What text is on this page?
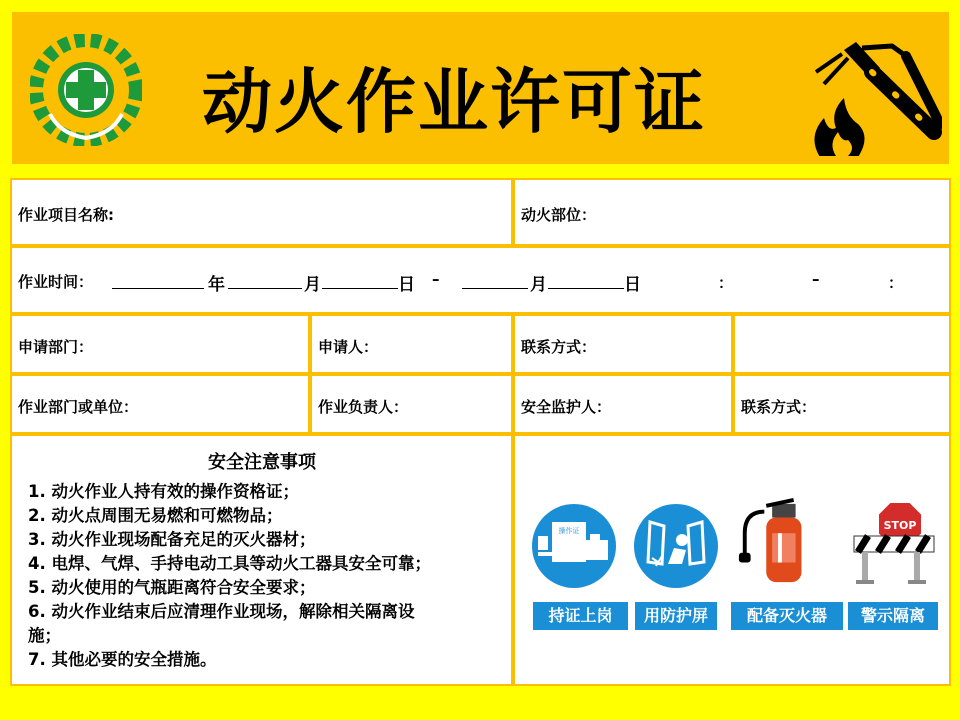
动火作业许可证
作业项目名称:	动火部位：
作业时间：	年	月	日 –	月	日	：	–	：
申请部门：	申请人：	联系方式：
作业部门或单位：	作业负责人：	安全监护人：	联系方式：
安全注意事项
1. 动火作业人持有效的操作资格证；
2. 动火点周围无易燃和可燃物品；
3. 动火作业现场配备充足的灭火器材；
4. 电焊、气焊、手持电动工具等动火工器具安全可靠；
5. 动火使用的气瓶距离符合安全要求；
6. 动火作业结束后应清理作业现场，解除相关隔离设
施；
7. 其他必要的安全措施。
操作证	STOP
持证上岗	用防护屏	配备灭火器	警示隔离
